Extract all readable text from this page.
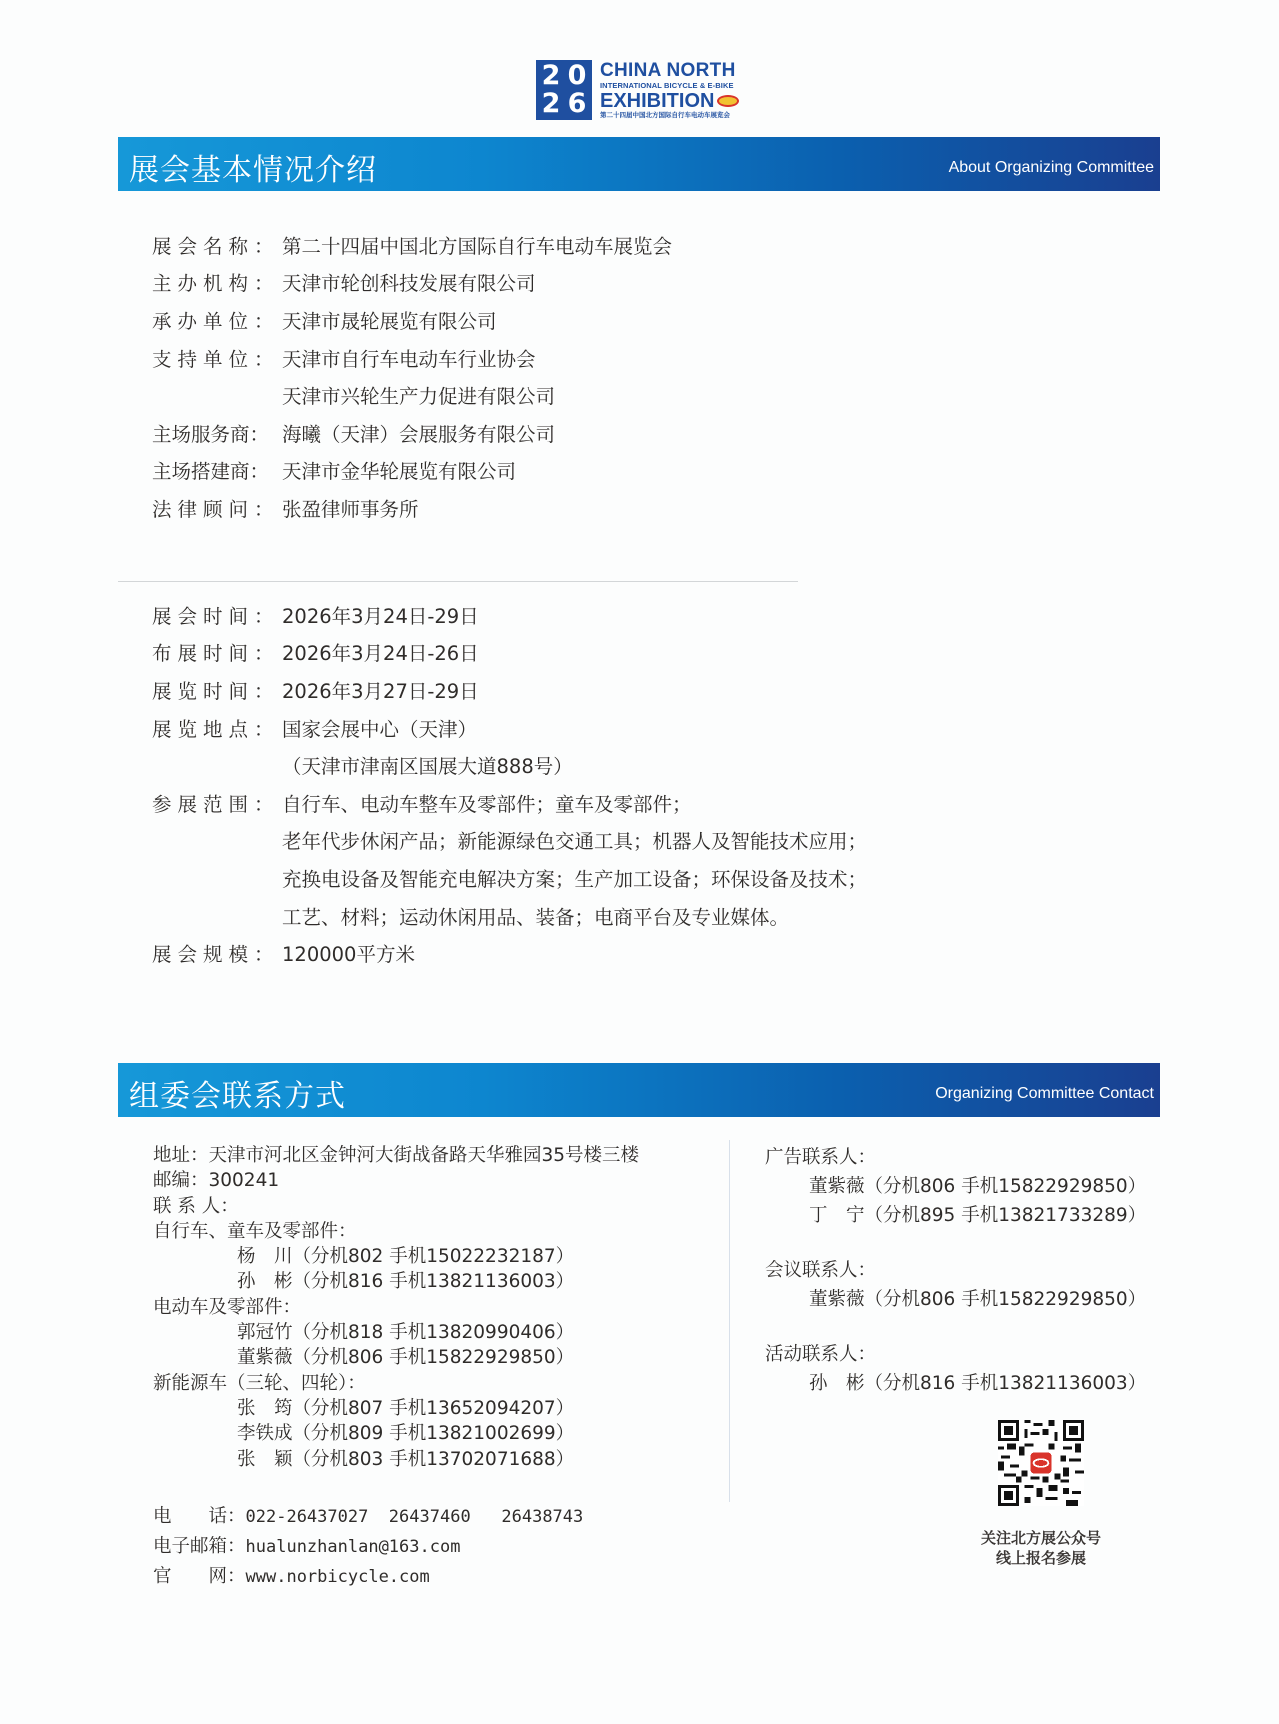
2 0
2 6
CHINA NORTH
INTERNATIONAL BICYCLE & E-BIKE
EXHIBITION
第二十四届中国北方国际自行车电动车展览会
展会基本情况介绍	About Organizing Committee
展会名称： 第二十四届中国北方国际自行车电动车展览会
主办机构： 天津市轮创科技发展有限公司
承办单位： 天津市晟轮展览有限公司
支持单位： 天津市自行车电动车行业协会
天津市兴轮生产力促进有限公司
主场服务商： 海曦（天津）会展服务有限公司
主场搭建商： 天津市金华轮展览有限公司
法律顾问： 张盈律师事务所
展会时间： 2026年3月24日-29日
布展时间： 2026年3月24日-26日
展览时间： 2026年3月27日-29日
展览地点： 国家会展中心（天津）
（天津市津南区国展大道888号）
参展范围： 自行车、电动车整车及零部件；童车及零部件；
老年代步休闲产品；新能源绿色交通工具；机器人及智能技术应用；
充换电设备及智能充电解决方案；生产加工设备；环保设备及技术；
工艺、材料；运动休闲用品、装备；电商平台及专业媒体。
展会规模： 120000平方米
组委会联系方式	Organizing Committee Contact
地址：天津市河北区金钟河大街战备路天华雅园35号楼三楼
邮编：300241
联 系 人：
自行车、童车及零部件：
杨　川（分机802 手机15022232187）
孙　彬（分机816 手机13821136003）
电动车及零部件：
郭冠竹（分机818 手机13820990406）
董紫薇（分机806 手机15822929850）
新能源车（三轮、四轮）：
张　筠（分机807 手机13652094207）
李铁成（分机809 手机13821002699）
张　颖（分机803 手机13702071688）
电　　话：022-26437027  26437460   26438743
电子邮箱：hualunzhanlan@163.com
官　　网：www.norbicycle.com
广告联系人：
董紫薇（分机806 手机15822929850）
丁　宁（分机895 手机13821733289）
会议联系人：
董紫薇（分机806 手机15822929850）
活动联系人：
孙　彬（分机816 手机13821136003）
关注北方展公众号
线上报名参展
